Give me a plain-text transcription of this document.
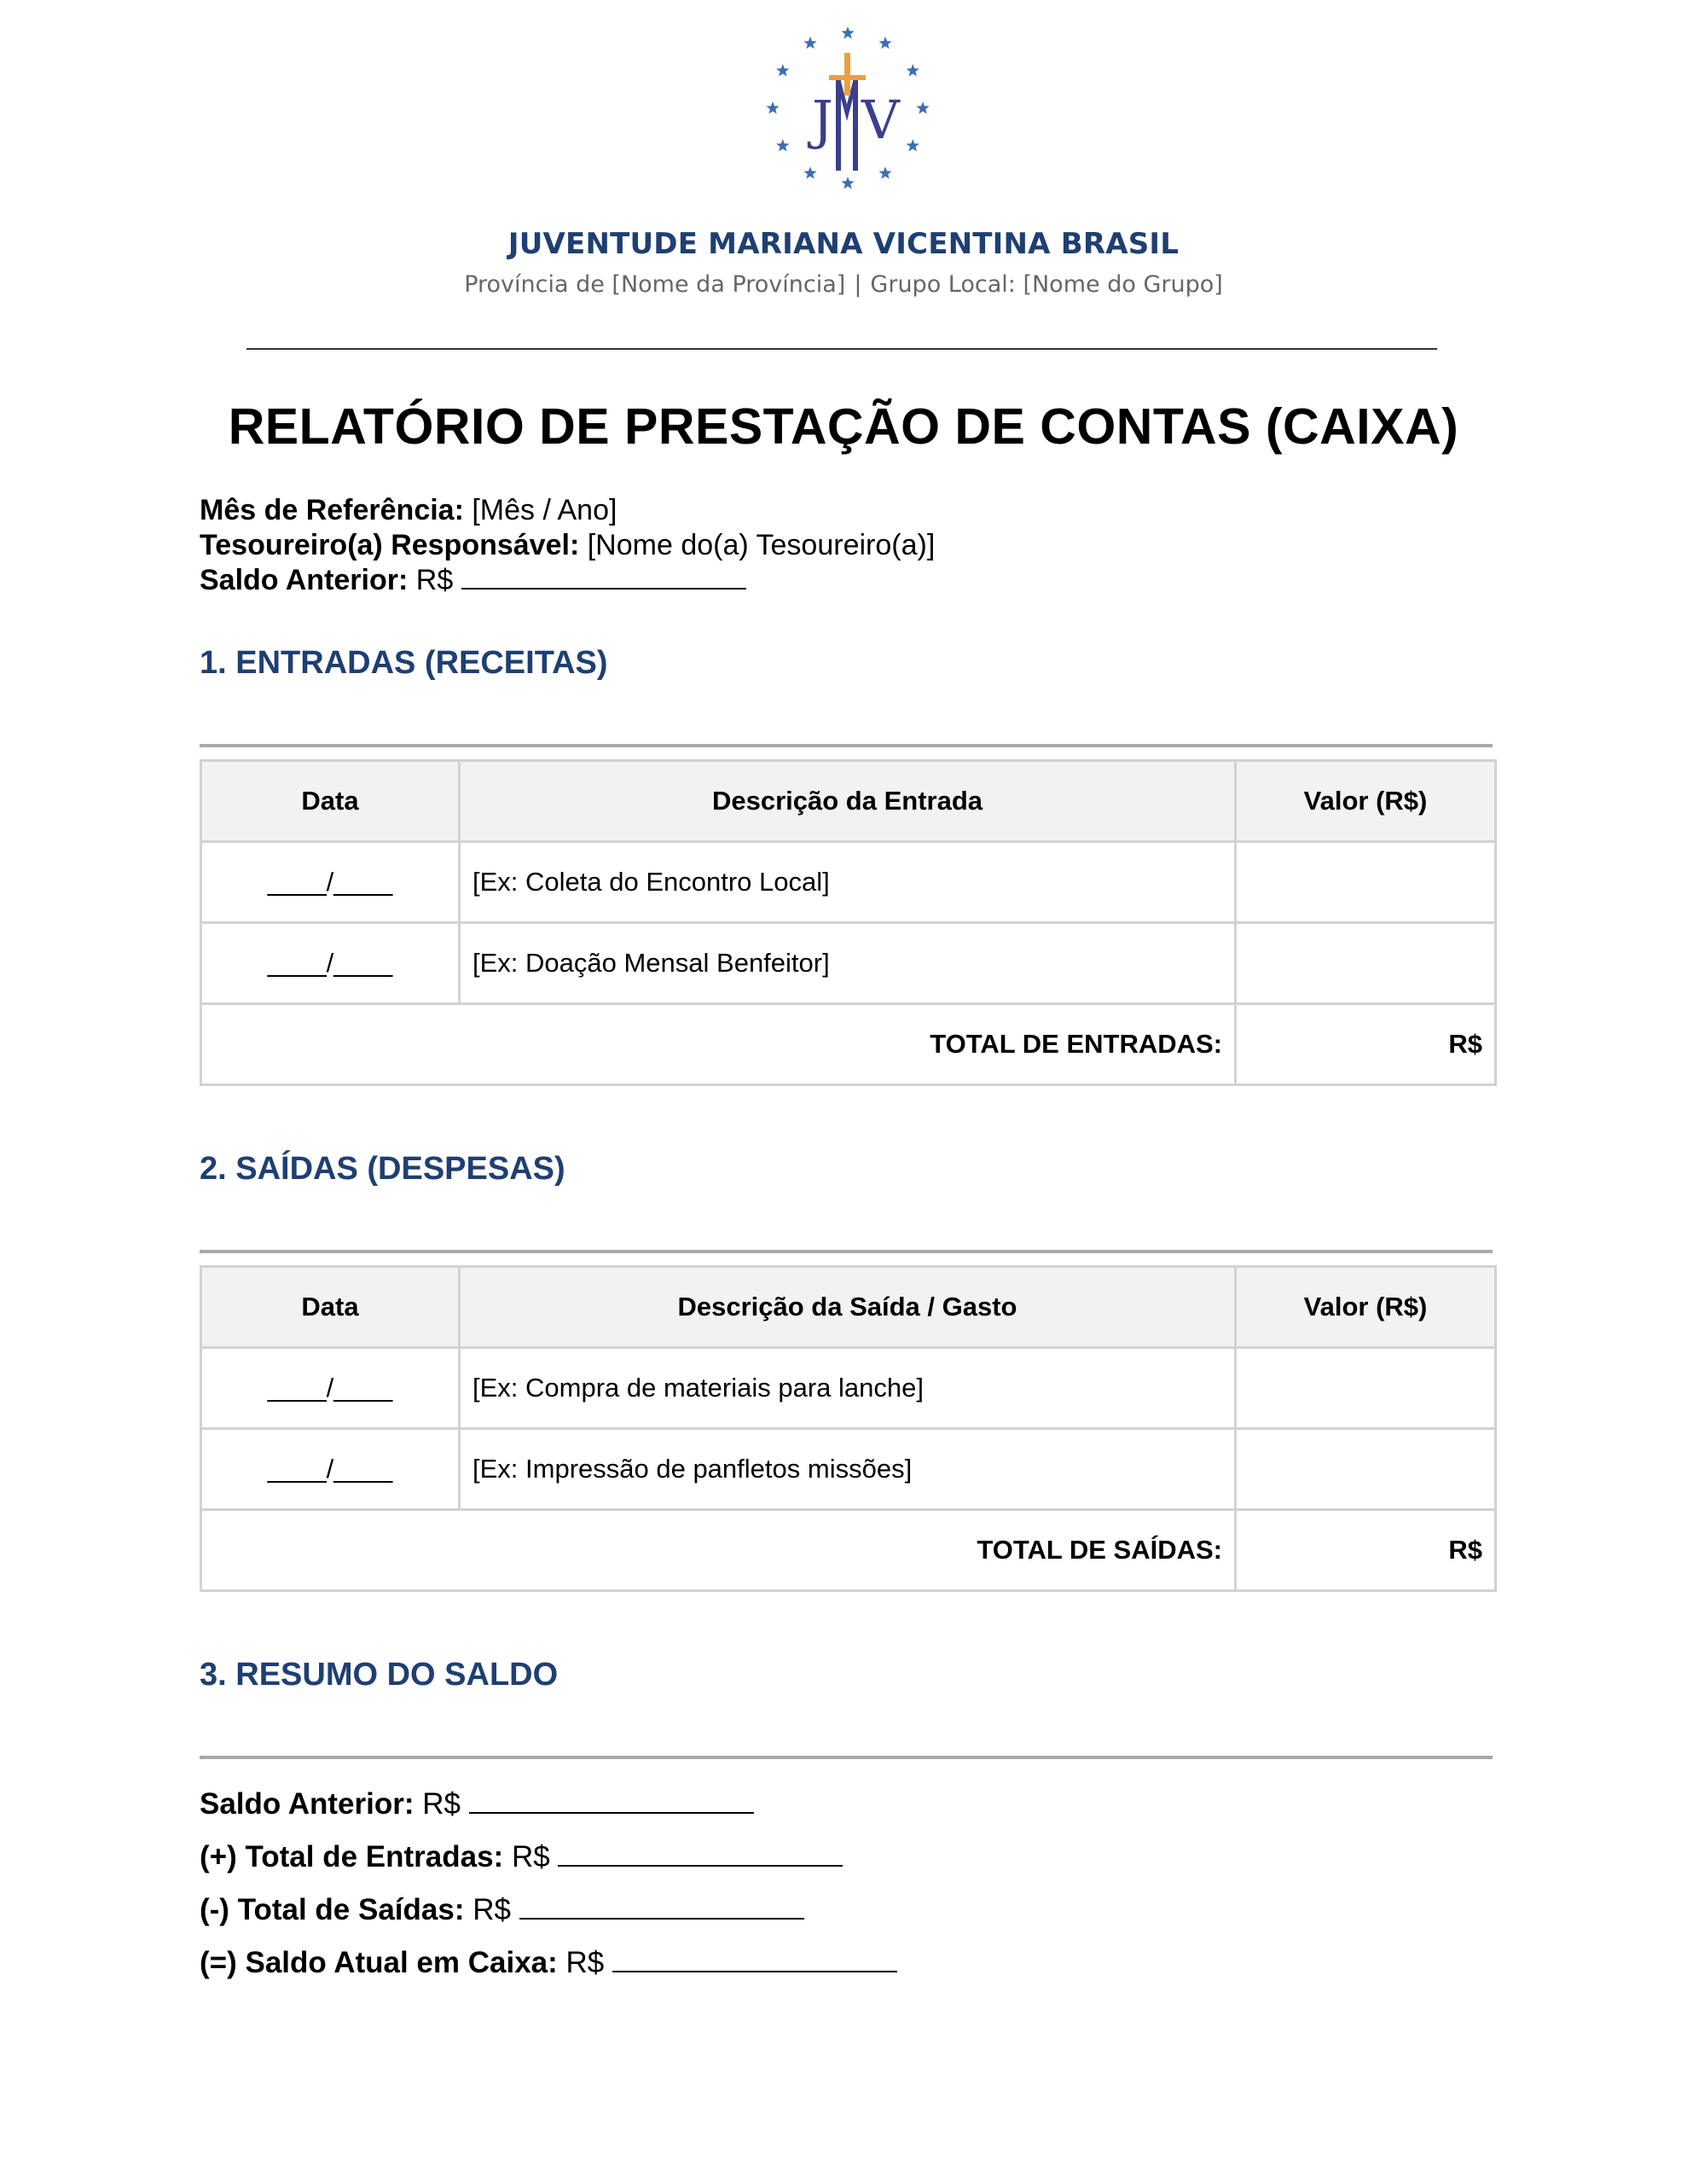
J V
JUVENTUDE MARIANA VICENTINA BRASIL
Província de [Nome da Província] | Grupo Local: [Nome do Grupo]
RELATÓRIO DE PRESTAÇÃO DE CONTAS (CAIXA)
Mês de Referência: [Mês / Ano]
Tesoureiro(a) Responsável: [Nome do(a) Tesoureiro(a)]
Saldo Anterior: R$
1. ENTRADAS (RECEITAS)
Data	Descrição da Entrada	Valor (R$)
____/____	[Ex: Coleta do Encontro Local]	
____/____	[Ex: Doação Mensal Benfeitor]	
TOTAL DE ENTRADAS:		R$
2. SAÍDAS (DESPESAS)
Data	Descrição da Saída / Gasto	Valor (R$)
____/____	[Ex: Compra de materiais para lanche]	
____/____	[Ex: Impressão de panfletos missões]	
TOTAL DE SAÍDAS:		R$
3. RESUMO DO SALDO
Saldo Anterior: R$
(+) Total de Entradas: R$
(-) Total de Saídas: R$
(=) Saldo Atual em Caixa: R$
